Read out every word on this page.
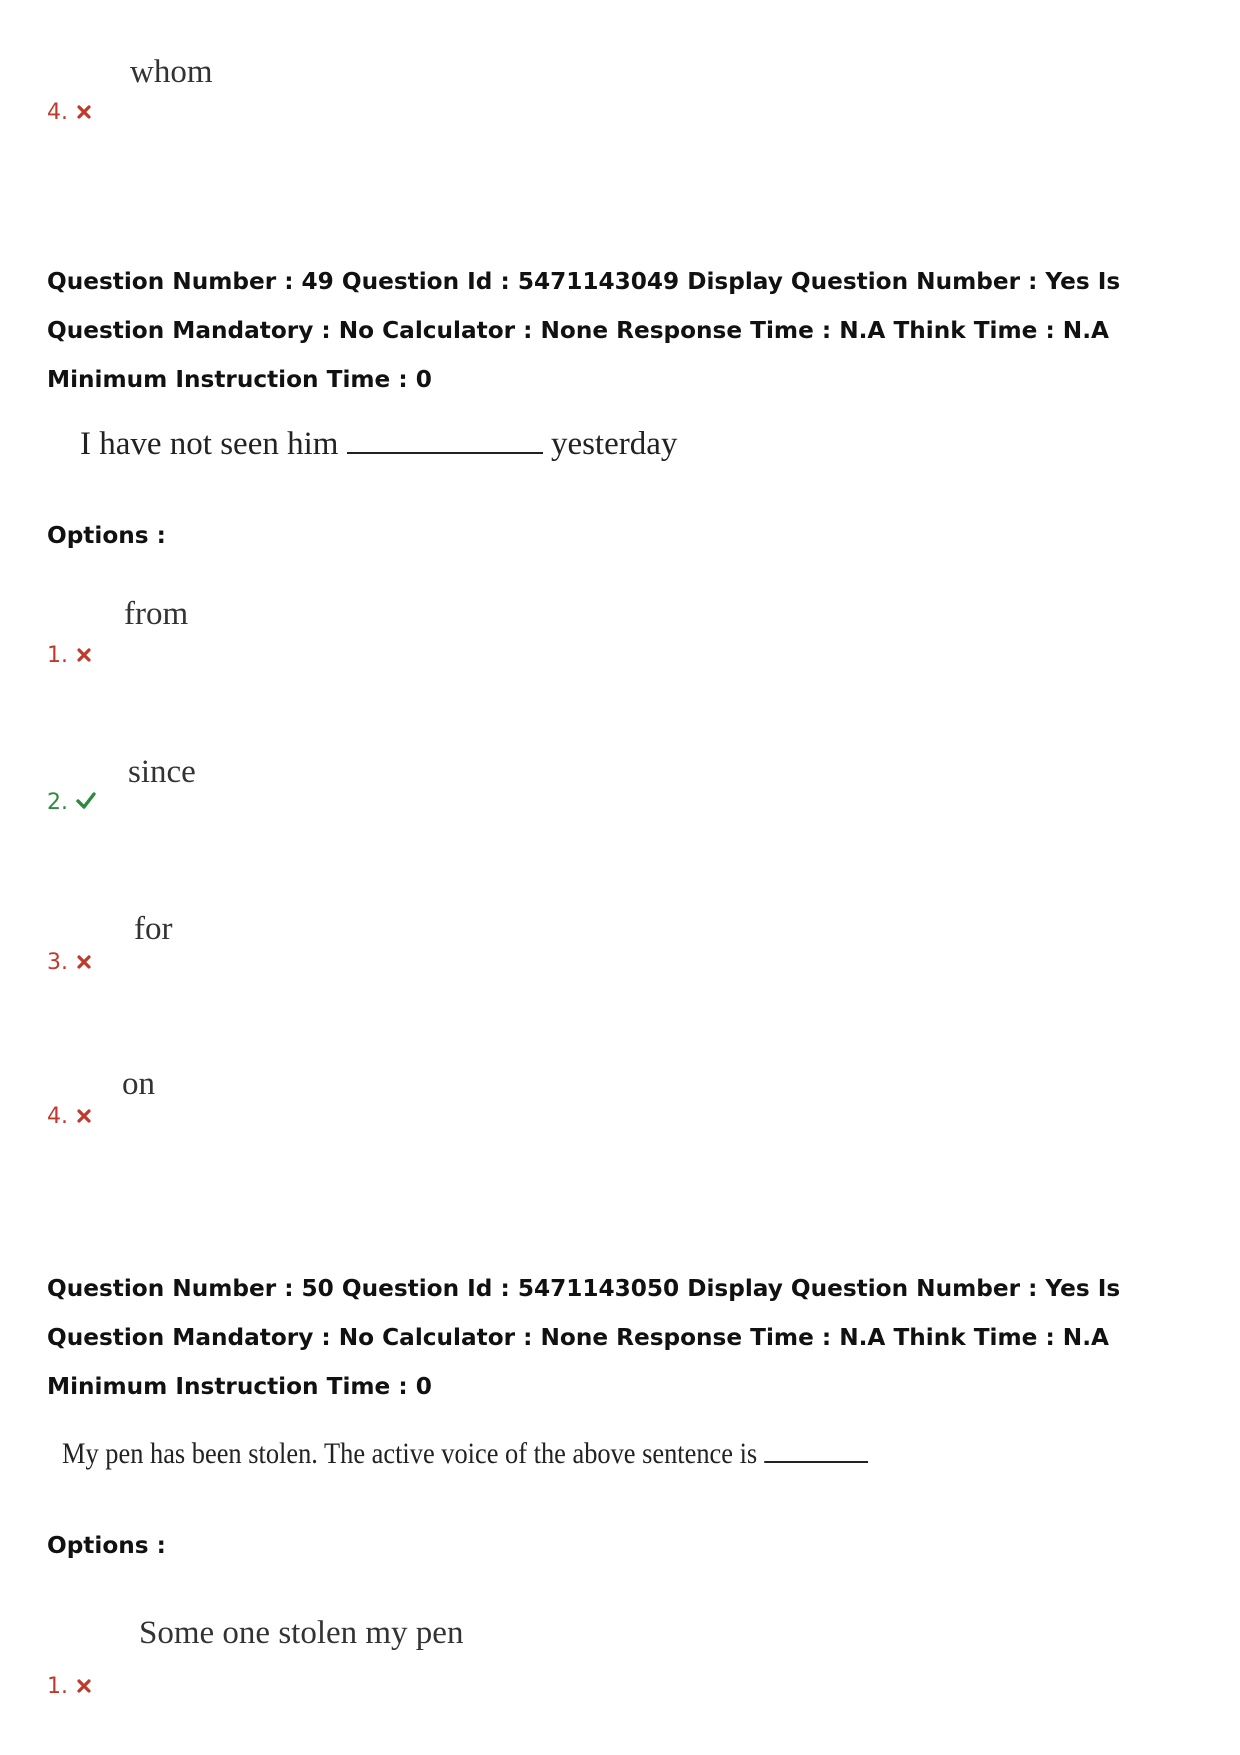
whom
4.
Question Number : 49 Question Id : 5471143049 Display Question Number : Yes Is Question Mandatory : No Calculator : None Response Time : N.A Think Time : N.A Minimum Instruction Time : 0
I have not seen him	yesterday
Options :
from
1.
since
2.
for
3.
on
4.
Question Number : 50 Question Id : 5471143050 Display Question Number : Yes Is Question Mandatory : No Calculator : None Response Time : N.A Think Time : N.A Minimum Instruction Time : 0
My pen has been stolen. The active voice of the above sentence is
Options :
Some one stolen my pen
1.
